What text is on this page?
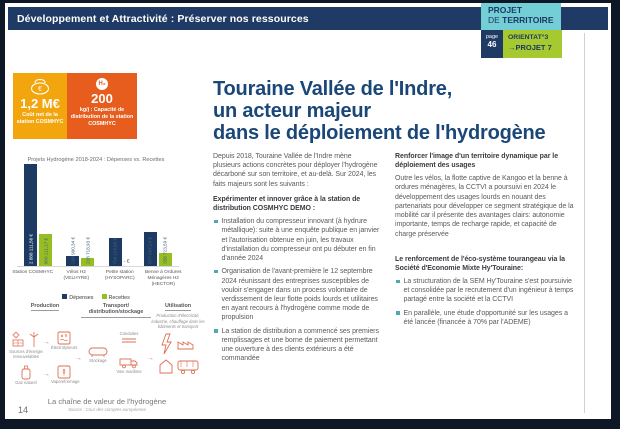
Développement et Attractivité : Préserver nos ressources
PROJET
DE TERRITOIRE
page
46
ORIENTAT°3
→PROJET 7
€
1,2 M€
Coût net de la station COSMHYC
H₂
200
kg/j : Capacité de distribution de la station COSMHYC
Projets Hydrogène 2018-2024 : Dépenses vs. Recettes
2 888 111,56 € 900 111,17 €	294 990,34 € 228 718,93 €	794 114,88 € - €	977 047,24 € 358 723,59 €
Station COSMHYC	Vélos H2 (VELHYRE)
Petite station (HYSOPARC)
Benne à Ordures Ménagères H2 (HECTOR)
Dépenses	Recettes
Production	Transport/ distribution/stockage
Utilisation
Production d'électricité, industrie, chauffage dans les bâtiments et transport
Sources d'énergie renouvelables
→
Électrolyseurs
Gaz naturel
→
Vaporeformage
→	Stockage
Conduites
Voie maritime
→
La chaîne de valeur de l'hydrogène
Source : Cour des comptes européenne
14
Touraine Vallée de l'Indre,
un acteur majeur
dans le déploiement de l'hydrogène

Depuis 2018, Touraine Vallée de l'Indre mène plusieurs actions concrètes pour déployer l'hydrogène décarboné sur son territoire, et au-delà. Sur 2024, les faits majeurs sont les suivants :

Expérimenter et innover grâce à la station de distribution COSMHYC DEMO :
Installation du compresseur innovant (à hydrure métallique): suite à une enquête publique en janvier et l'autorisation obtenue en juin, les travaux d'installation du compresseur ont pu débuter en fin d'année 2024
Organisation de l'avant-première le 12 septembre 2024 réunissant des entreprises susceptibles de vouloir s'engager dans un process volontaire de verdissement de leur flotte poids lourds et utilitaires en ayant recours à l'hydrogène comme mode de propulsion
La station de distribution a commencé ses premiers remplissages et une borne de paiement permettant une ouverture à des clients extérieurs a été commandée
Renforcer l'image d'un territoire dynamique par le déploiement des usages

Outre les vélos, la flotte captive de Kangoo et la benne à ordures ménagères, la CCTVI a poursuivi en 2024 le développement des usages lourds en nouant des partenariats pour développer ce segment stratégique de la mobilité car il présente des avantages clairs: autonomie importante, temps de recharge rapide, et capacité de charge préservée

Le renforcement de l'éco-système tourangeau via la Société d'Economie Mixte Hy'Touraine:
La structuration de la SEM Hy'Touraine s'est poursuivie et consolidée par le recrutement d'un ingénieur à temps partagé entre la société et la CCTVI
En parallèle, une étude d'opportunité sur les usages a été lancée (financée à 70% par l'ADEME)
